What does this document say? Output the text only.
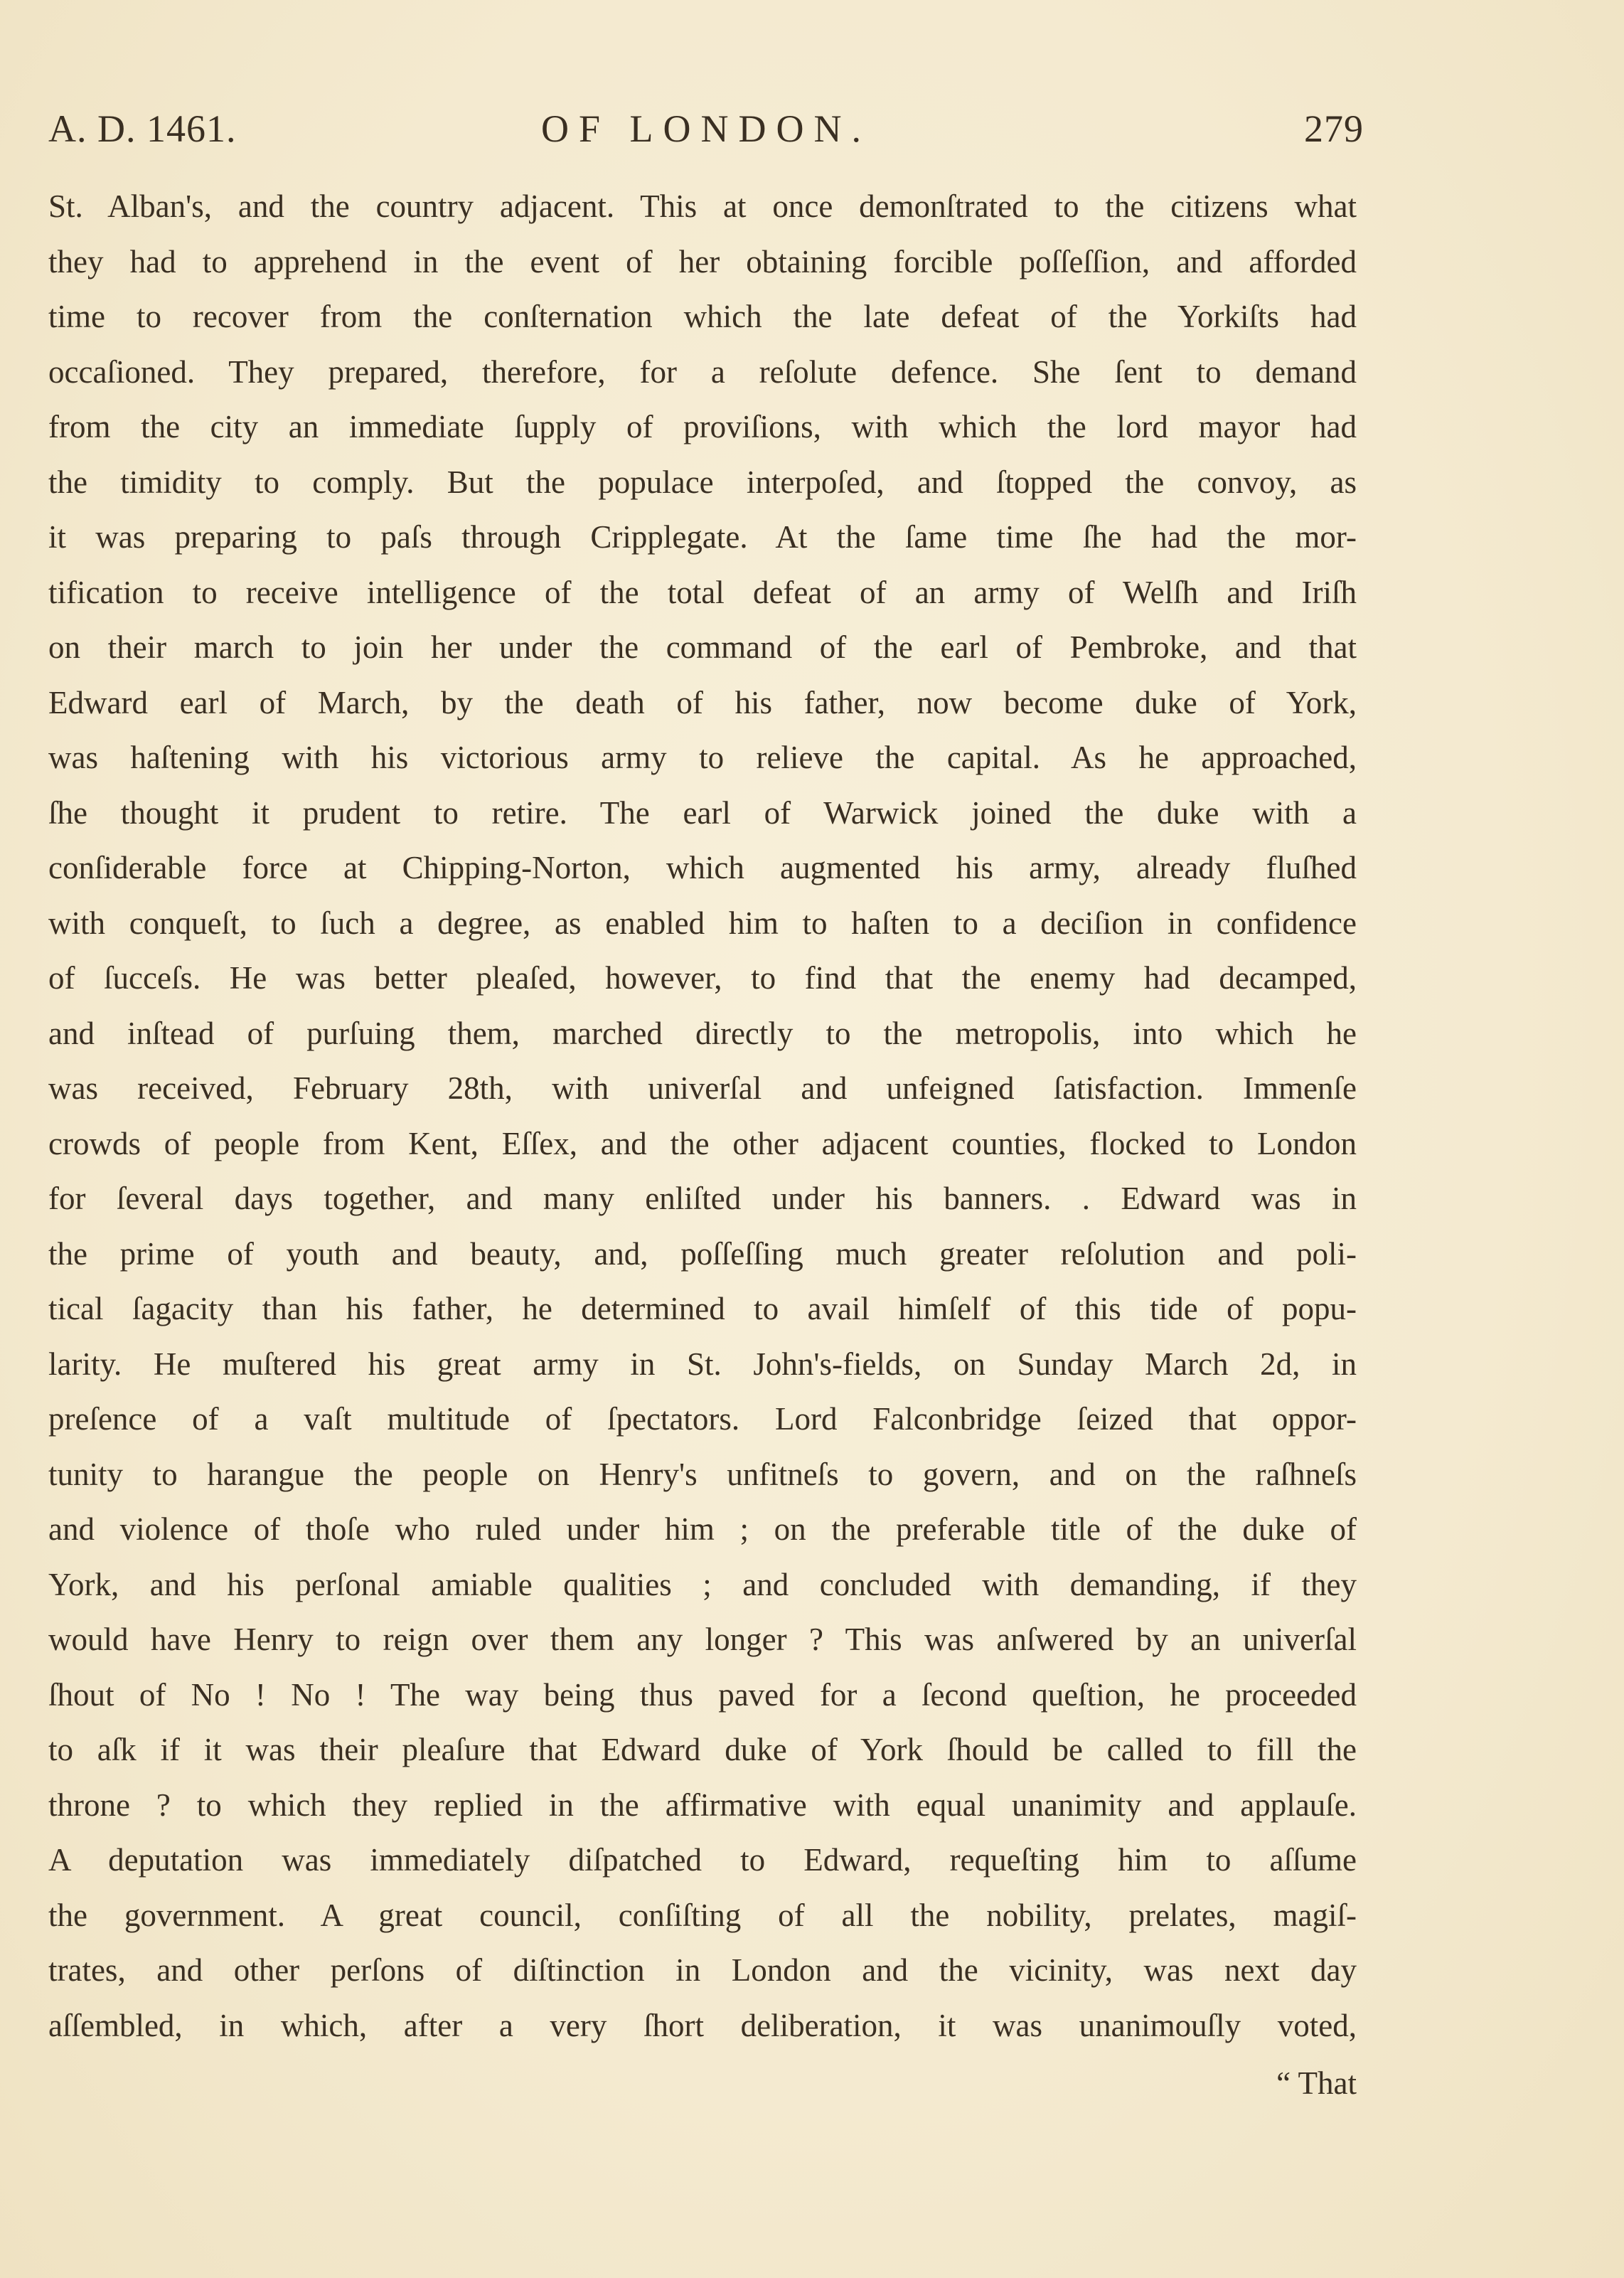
A. D. 1461.	OF LONDON.	279
St. Alban's, and the country adjacent. This at once demonſtrated to the citizens what
they had to apprehend in the event of her obtaining forcible poſſeſſion, and afforded
time to recover from the conſternation which the late defeat of the Yorkiſts had
occaſioned. They prepared, therefore, for a reſolute defence. She ſent to demand
from the city an immediate ſupply of proviſions, with which the lord mayor had
the timidity to comply. But the populace interpoſed, and ſtopped the convoy, as
it was preparing to paſs through Cripplegate. At the ſame time ſhe had the mor-
tification to receive intelligence of the total defeat of an army of Welſh and Iriſh
on their march to join her under the command of the earl of Pembroke, and that
Edward earl of March, by the death of his father, now become duke of York,
was haſtening with his victorious army to relieve the capital. As he approached,
ſhe thought it prudent to retire. The earl of Warwick joined the duke with a
conſiderable force at Chipping-Norton, which augmented his army, already fluſhed
with conqueſt, to ſuch a degree, as enabled him to haſten to a deciſion in confidence
of ſucceſs. He was better pleaſed, however, to find that the enemy had decamped,
and inſtead of purſuing them, marched directly to the metropolis, into which he
was received, February 28th, with univerſal and unfeigned ſatisfaction. Immenſe
crowds of people from Kent, Eſſex, and the other adjacent counties, flocked to London
for ſeveral days together, and many enliſted under his banners. . Edward was in
the prime of youth and beauty, and, poſſeſſing much greater reſolution and poli-
tical ſagacity than his father, he determined to avail himſelf of this tide of popu-
larity. He muſtered his great army in St. John's-fields, on Sunday March 2d, in
preſence of a vaſt multitude of ſpectators. Lord Falconbridge ſeized that oppor-
tunity to harangue the people on Henry's unfitneſs to govern, and on the raſhneſs
and violence of thoſe who ruled under him ; on the preferable title of the duke of
York, and his perſonal amiable qualities ; and concluded with demanding, if they
would have Henry to reign over them any longer ? This was anſwered by an univerſal
ſhout of No ! No ! The way being thus paved for a ſecond queſtion, he proceeded
to aſk if it was their pleaſure that Edward duke of York ſhould be called to fill the
throne ? to which they replied in the affirmative with equal unanimity and applauſe.
A deputation was immediately diſpatched to Edward, requeſting him to aſſume
the government. A great council, conſiſting of all the nobility, prelates, magiſ-
trates, and other perſons of diſtinction in London and the vicinity, was next day
aſſembled, in which, after a very ſhort deliberation, it was unanimouſly voted,
“ That
